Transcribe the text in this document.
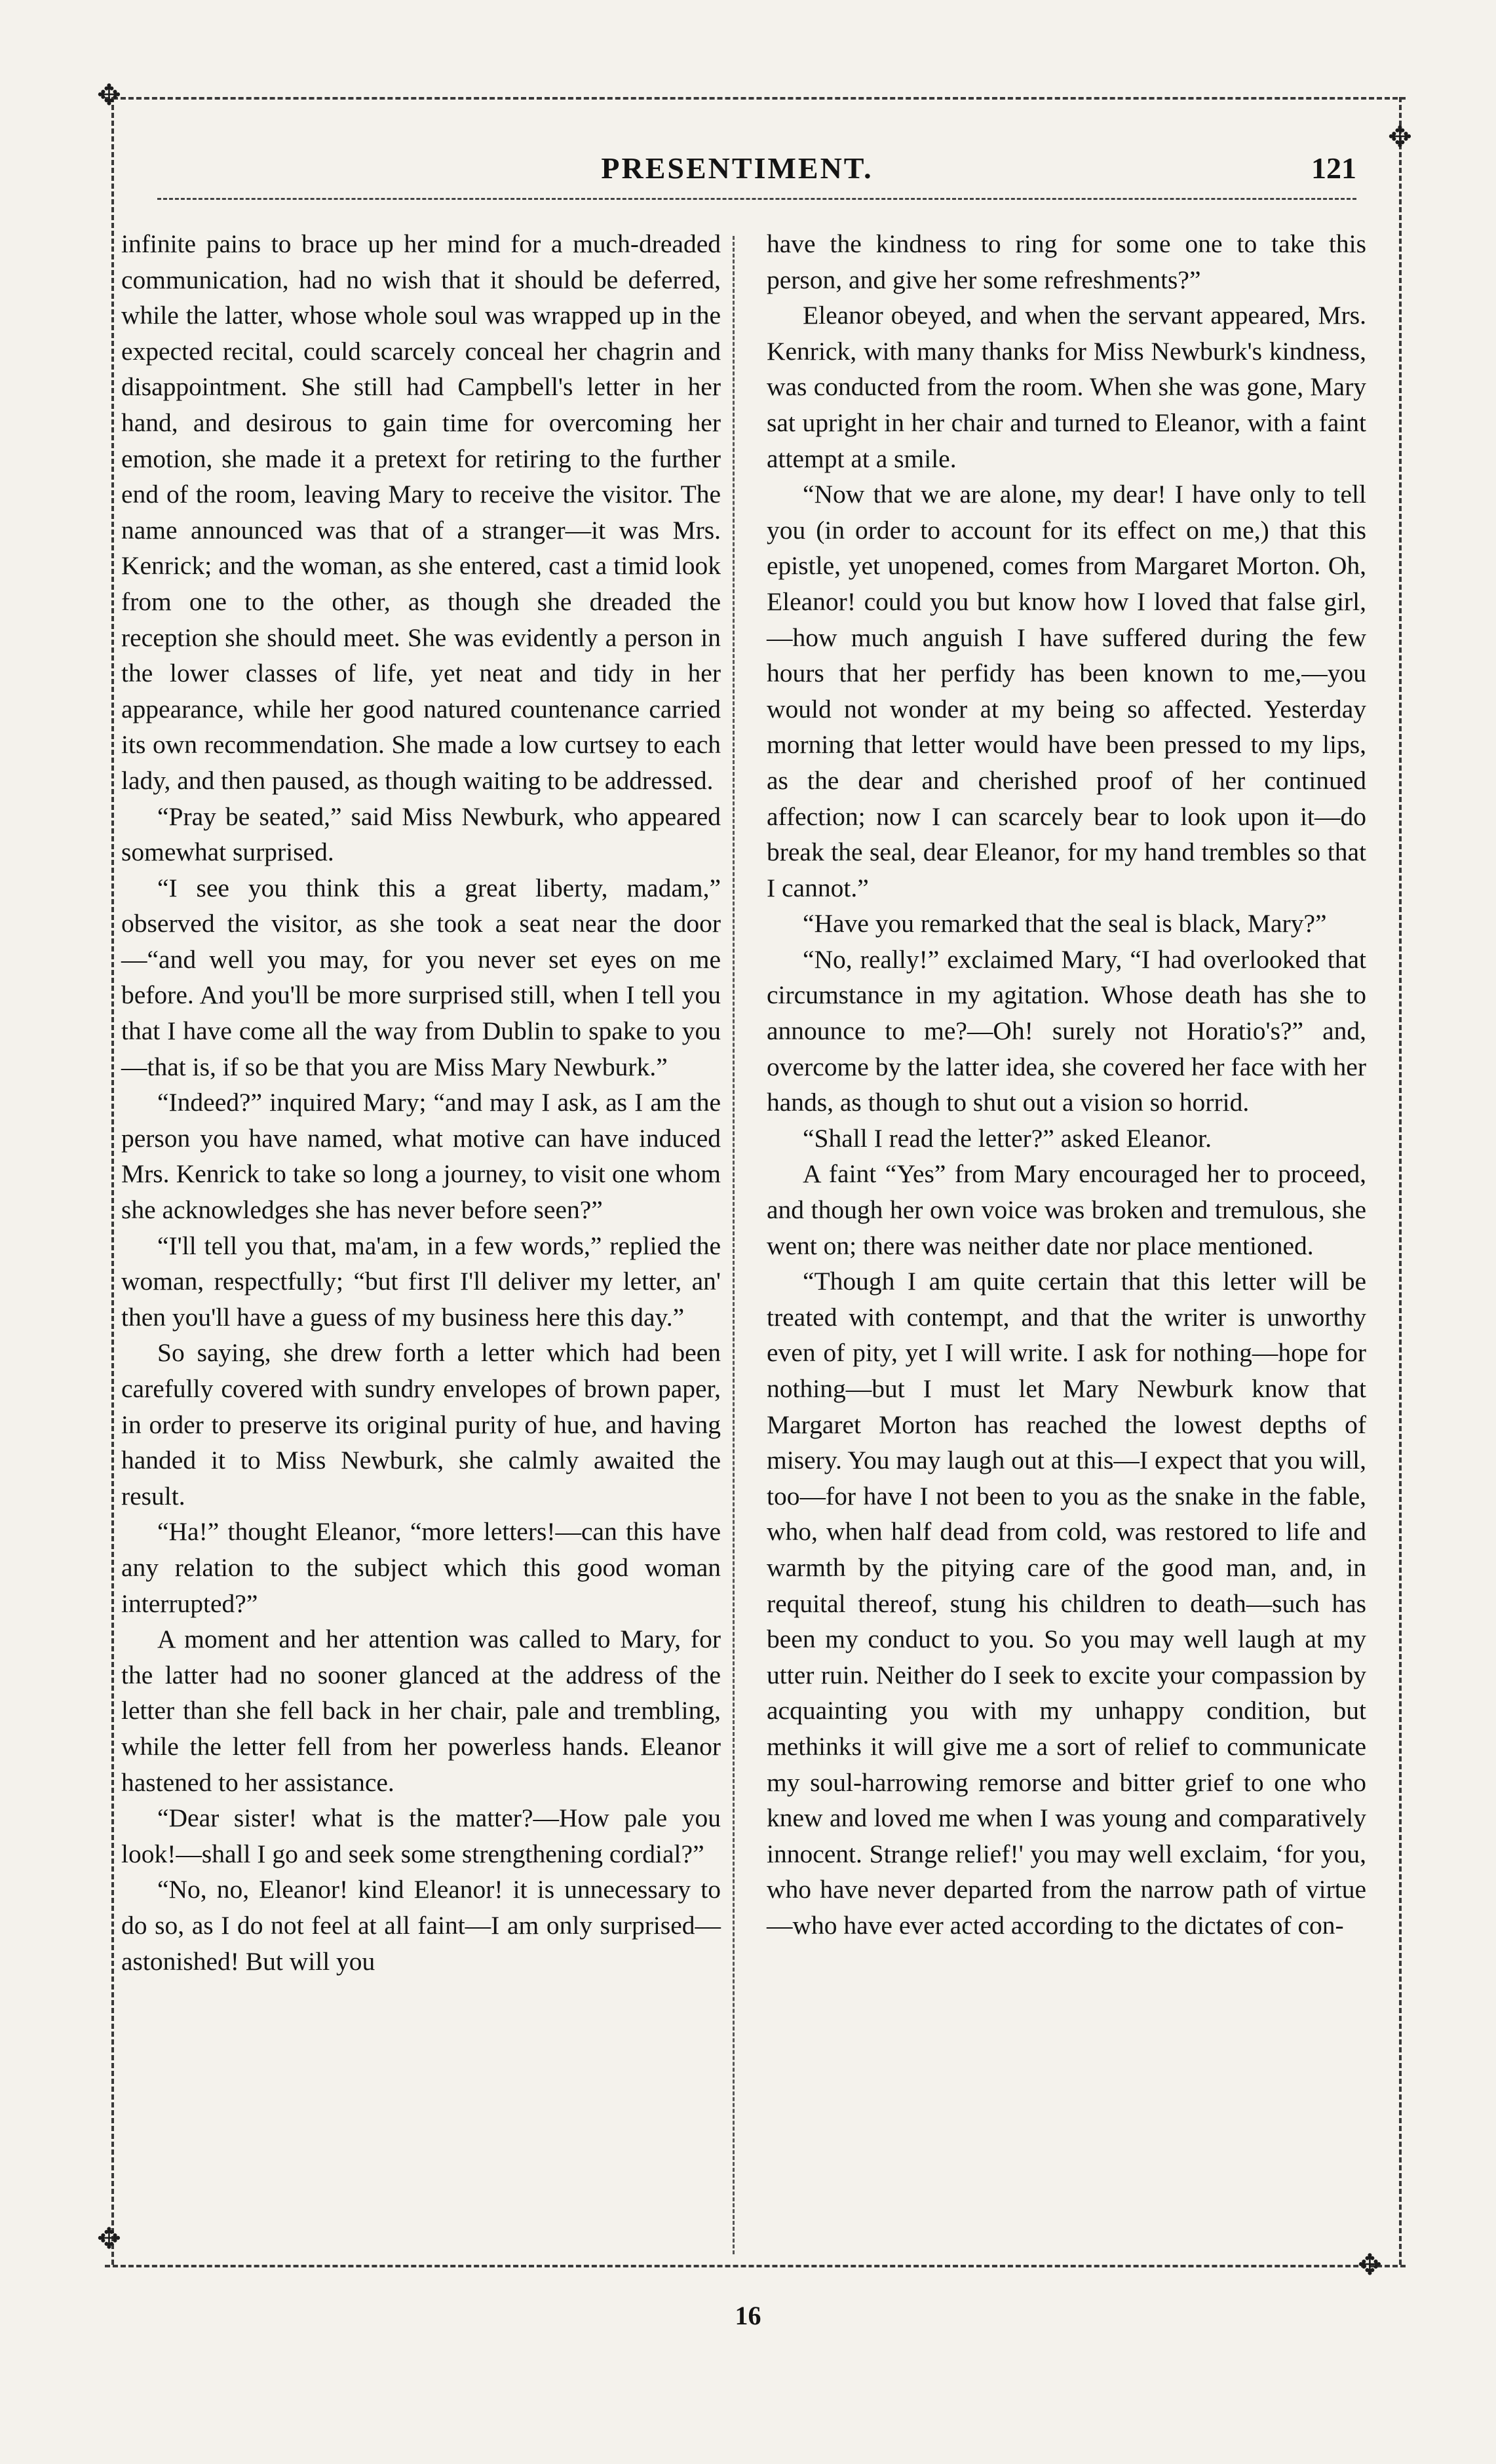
✥
✥
✥
✥
PRESENTIMENT.	121

infinite pains to brace up her mind for a much-dreaded communication, had no wish that it should be deferred, while the latter, whose whole soul was wrapped up in the expected recital, could scarcely conceal her chagrin and disappointment. She still had Campbell's letter in her hand, and desirous to gain time for overcoming her emotion, she made it a pretext for retiring to the further end of the room, leaving Mary to receive the visitor. The name announced was that of a stranger—it was Mrs. Kenrick; and the woman, as she entered, cast a timid look from one to the other, as though she dreaded the reception she should meet. She was evidently a person in the lower classes of life, yet neat and tidy in her appearance, while her good natured countenance carried its own recommendation. She made a low curtsey to each lady, and then paused, as though waiting to be addressed.

“Pray be seated,” said Miss Newburk, who appeared somewhat surprised.

“I see you think this a great liberty, madam,” observed the visitor, as she took a seat near the door—“and well you may, for you never set eyes on me before. And you'll be more surprised still, when I tell you that I have come all the way from Dublin to spake to you—that is, if so be that you are Miss Mary Newburk.”

“Indeed?” inquired Mary; “and may I ask, as I am the person you have named, what motive can have induced Mrs. Kenrick to take so long a journey, to visit one whom she acknowledges she has never before seen?”

“I'll tell you that, ma'am, in a few words,” replied the woman, respectfully; “but first I'll deliver my letter, an' then you'll have a guess of my business here this day.”

So saying, she drew forth a letter which had been carefully covered with sundry envelopes of brown paper, in order to preserve its original purity of hue, and having handed it to Miss Newburk, she calmly awaited the result.

“Ha!” thought Eleanor, “more letters!—can this have any relation to the subject which this good woman interrupted?”

A moment and her attention was called to Mary, for the latter had no sooner glanced at the address of the letter than she fell back in her chair, pale and trembling, while the letter fell from her powerless hands. Eleanor hastened to her assistance.

“Dear sister! what is the matter?—How pale you look!—shall I go and seek some strengthening cordial?”

“No, no, Eleanor! kind Eleanor! it is unnecessary to do so, as I do not feel at all faint—I am only surprised—astonished! But will you

have the kindness to ring for some one to take this person, and give her some refreshments?”

Eleanor obeyed, and when the servant appeared, Mrs. Kenrick, with many thanks for Miss Newburk's kindness, was conducted from the room. When she was gone, Mary sat upright in her chair and turned to Eleanor, with a faint attempt at a smile.

“Now that we are alone, my dear! I have only to tell you (in order to account for its effect on me,) that this epistle, yet unopened, comes from Margaret Morton. Oh, Eleanor! could you but know how I loved that false girl,—how much anguish I have suffered during the few hours that her perfidy has been known to me,—you would not wonder at my being so affected. Yesterday morning that letter would have been pressed to my lips, as the dear and cherished proof of her continued affection; now I can scarcely bear to look upon it—do break the seal, dear Eleanor, for my hand trembles so that I cannot.”

“Have you remarked that the seal is black, Mary?”

“No, really!” exclaimed Mary, “I had overlooked that circumstance in my agitation. Whose death has she to announce to me?—Oh! surely not Horatio's?” and, overcome by the latter idea, she covered her face with her hands, as though to shut out a vision so horrid.

“Shall I read the letter?” asked Eleanor.

A faint “Yes” from Mary encouraged her to proceed, and though her own voice was broken and tremulous, she went on; there was neither date nor place mentioned.

“Though I am quite certain that this letter will be treated with contempt, and that the writer is unworthy even of pity, yet I will write. I ask for nothing—hope for nothing—but I must let Mary Newburk know that Margaret Morton has reached the lowest depths of misery. You may laugh out at this—I expect that you will, too—for have I not been to you as the snake in the fable, who, when half dead from cold, was restored to life and warmth by the pitying care of the good man, and, in requital thereof, stung his children to death—such has been my conduct to you. So you may well laugh at my utter ruin. Neither do I seek to excite your compassion by acquainting you with my unhappy condition, but methinks it will give me a sort of relief to communicate my soul-harrowing remorse and bitter grief to one who knew and loved me when I was young and comparatively innocent. Strange relief!' you may well exclaim, ‘for you, who have never departed from the narrow path of virtue—who have ever acted according to the dictates of con-

16
